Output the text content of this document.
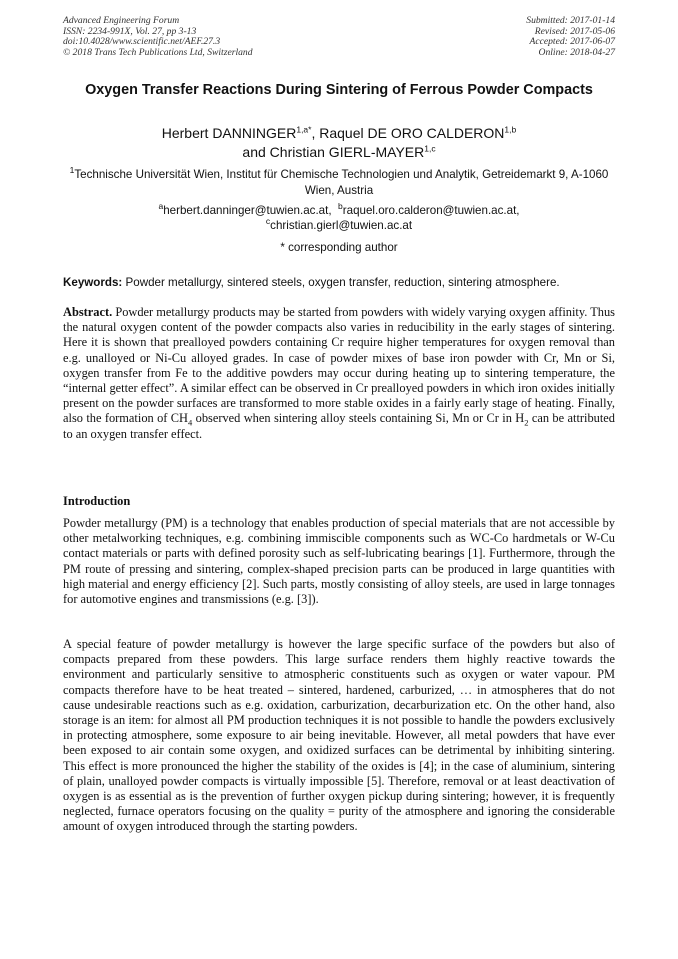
Advanced Engineering Forum
ISSN: 2234-991X, Vol. 27, pp 3-13
doi:10.4028/www.scientific.net/AEF.27.3
© 2018 Trans Tech Publications Ltd, Switzerland
Submitted: 2017-01-14
Revised: 2017-05-06
Accepted: 2017-06-07
Online: 2018-04-27
Oxygen Transfer Reactions During Sintering of Ferrous Powder Compacts
Herbert $DANNINGER^{1,a*}$, Raquel DE ORO CALDERON$^{1,b}$
and Christian GIERL-MAYER$^{1,c}$
$^1$Technische Universität Wien, Institut für Chemische Technologien und Analytik, Getreidemarkt 9, A-1060 Wien, Austria
$^a$herbert.danninger@tuwien.ac.at, $^b$raquel.oro.calderon@tuwien.ac.at,
$^c$christian.gierl@tuwien.ac.at
* corresponding author
Keywords: Powder metallurgy, sintered steels, oxygen transfer, reduction, sintering atmosphere.
Abstract. Powder metallurgy products may be started from powders with widely varying oxygen affinity. Thus the natural oxygen content of the powder compacts also varies in reducibility in the early stages of sintering. Here it is shown that prealloyed powders containing Cr require higher temperatures for oxygen removal than e.g. unalloyed or Ni-Cu alloyed grades. In case of powder mixes of base iron powder with Cr, Mn or Si, oxygen transfer from Fe to the additive powders may occur during heating up to sintering temperature, the “internal getter effect”. A similar effect can be observed in Cr prealloyed powders in which iron oxides initially present on the powder surfaces are transformed to more stable oxides in a fairly early stage of heating. Finally, also the formation of $CH_4$ observed when sintering alloy steels containing Si, Mn or Cr in $H_2$ can be attributed to an oxygen transfer effect.
Introduction
Powder metallurgy (PM) is a technology that enables production of special materials that are not accessible by other metalworking techniques, e.g. combining immiscible components such as WC-Co hardmetals or W-Cu contact materials or parts with defined porosity such as self-lubricating bearings [1]. Furthermore, through the PM route of pressing and sintering, complex-shaped precision parts can be produced in large quantities with high material and energy efficiency [2]. Such parts, mostly consisting of alloy steels, are used in large tonnages for automotive engines and transmissions (e.g. [3]).
A special feature of powder metallurgy is however the large specific surface of the powders but also of compacts prepared from these powders. This large surface renders them highly reactive towards the environment and particularly sensitive to atmospheric constituents such as oxygen or water vapour. PM compacts therefore have to be heat treated – sintered, hardened, carburized, … in atmospheres that do not cause undesirable reactions such as e.g. oxidation, carburization, decarburization etc. On the other hand, also storage is an item: for almost all PM production techniques it is not possible to handle the powders exclusively in protecting atmosphere, some exposure to air being inevitable. However, all metal powders that have ever been exposed to air contain some oxygen, and oxidized surfaces can be detrimental by inhibiting sintering. This effect is more pronounced the higher the stability of the oxides is [4]; in the case of aluminium, sintering of plain, unalloyed powder compacts is virtually impossible [5]. Therefore, removal or at least deactivation of oxygen is as essential as is the prevention of further oxygen pickup during sintering; however, it is frequently neglected, furnace operators focusing on the quality = purity of the atmosphere and ignoring the considerable amount of oxygen introduced through the starting powders.
